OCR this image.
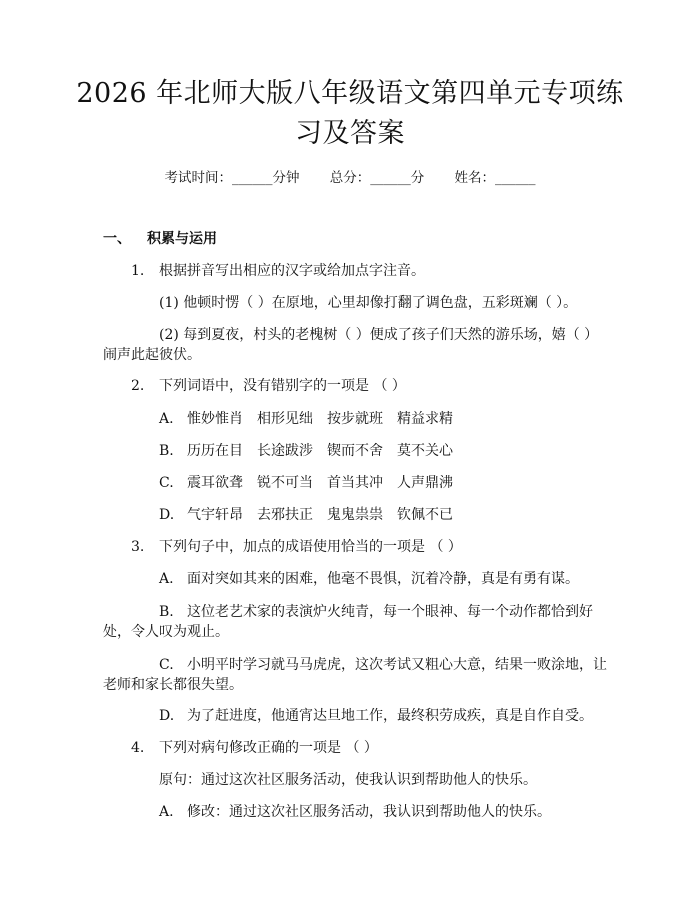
2026 年北师大版八年级语文第四单元专项练
习及答案
考试时间：______分钟 总分：______分 姓名：______
一、 积累与运用
1. 根据拼音写出相应的汉字或给加点字注音。
(1) 他顿时愣（ ）在原地，心里却像打翻了调色盘，五彩斑斓（ ）。
(2) 每到夏夜，村头的老槐树（ ）便成了孩子们天然的游乐场，嬉（ ）
闹声此起彼伏。
2. 下列词语中，没有错别字的一项是 （ ）
A. 惟妙惟肖 相形见绌 按步就班 精益求精
B. 历历在目 长途跋涉 锲而不舍 莫不关心
C. 震耳欲聋 锐不可当 首当其冲 人声鼎沸
D. 气宇轩昂 去邪扶正 鬼鬼祟祟 钦佩不已
3. 下列句子中，加点的成语使用恰当的一项是 （ ）
A. 面对突如其来的困难，他毫不畏惧，沉着冷静，真是有勇有谋。
B. 这位老艺术家的表演炉火纯青，每一个眼神、每一个动作都恰到好
处，令人叹为观止。
C. 小明平时学习就马马虎虎，这次考试又粗心大意，结果一败涂地，让
老师和家长都很失望。
D. 为了赶进度，他通宵达旦地工作，最终积劳成疾，真是自作自受。
4. 下列对病句修改正确的一项是 （ ）
原句：通过这次社区服务活动，使我认识到帮助他人的快乐。
A. 修改：通过这次社区服务活动，我认识到帮助他人的快乐。
